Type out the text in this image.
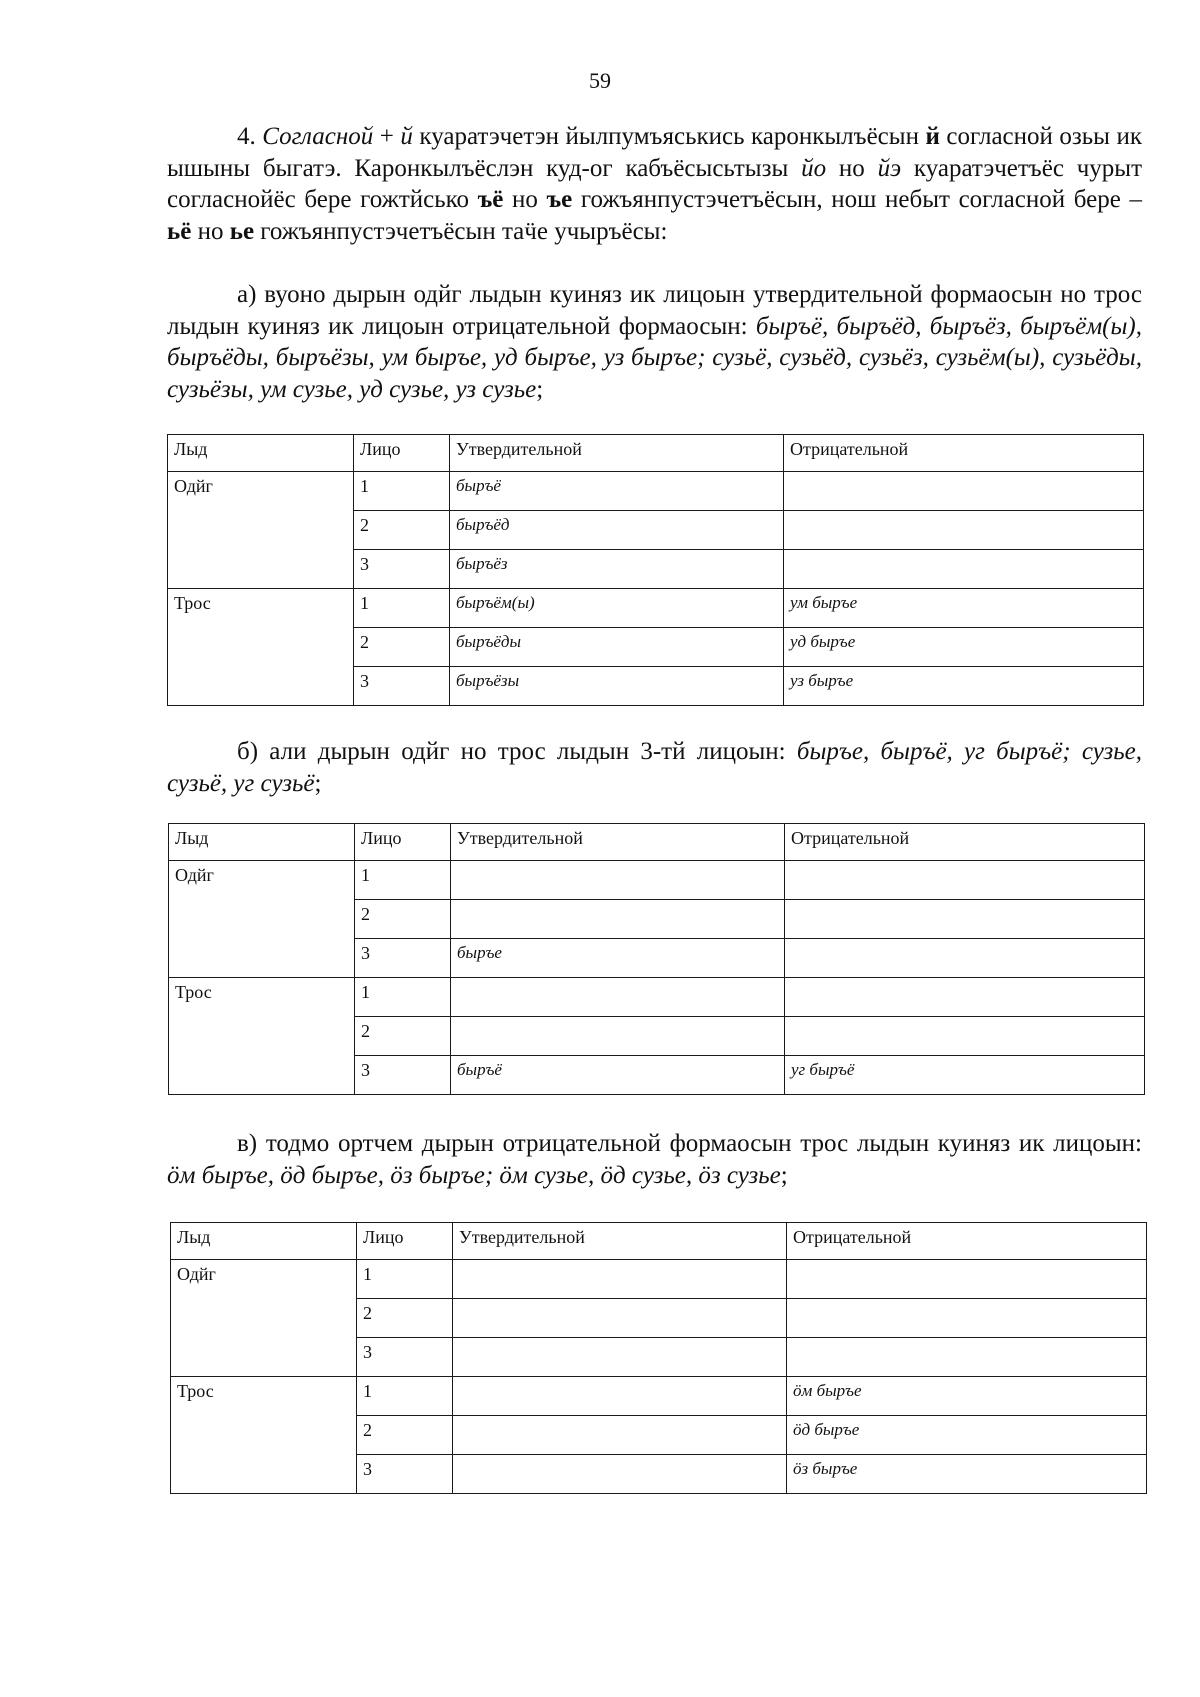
59
4. Согласной + й куаратэчетэн йылпумъяськись каронкылъёсын й согласной озьы ик ышыны быгатэ. Каронкылъёслэн куд-ог кабъёсысьтызы йо но йэ куаратэчетъёс чурыт согласнойёс бере гожтйсько ъё но ъе гожъянпустэчетъёсын, нош небыт согласной бере – ьё но ье гожъянпустэчетъёсын таӵе учыръёсы:
а) вуоно дырын одйг лыдын куиняз ик лицоын утвердительной формаосын но трос лыдын куиняз ик лицоын отрицательной формаосын: быръё, быръёд, быръёз, быръём(ы), быръёды, быръёзы, ум быръе, уд быръе, уз быръе; сузьё, сузьёд, сузьёз, сузьём(ы), сузьёды, сузьёзы, ум сузье, уд сузье, уз сузье;
Лыд	Лицо	Утвердительной	Отрицательной
Одйг	1	быръё	
	2	быръёд	
	3	быръёз	
Трос	1	быръём(ы)	ум быръе
	2	быръёды	уд быръе
	3	быръёзы	уз быръе
б) али дырын одйг но трос лыдын 3-тй лицоын: быръе, быръё, уг быръё; сузье, сузьё, уг сузьё;
Лыд	Лицо	Утвердительной	Отрицательной
Одйг	1		
	2		
	3	быръе	
Трос	1		
	2		
	3	быръё	уг быръё
в) тодмо ортчем дырын отрицательной формаосын трос лыдын куиняз ик лицоын: öм быръе, öд быръе, öз быръе; öм сузье, öд сузье, öз сузье;
Лыд	Лицо	Утвердительной	Отрицательной
Одйг	1		
	2		
	3		
Трос	1		öм быръе
	2		öд быръе
	3		öз быръе
